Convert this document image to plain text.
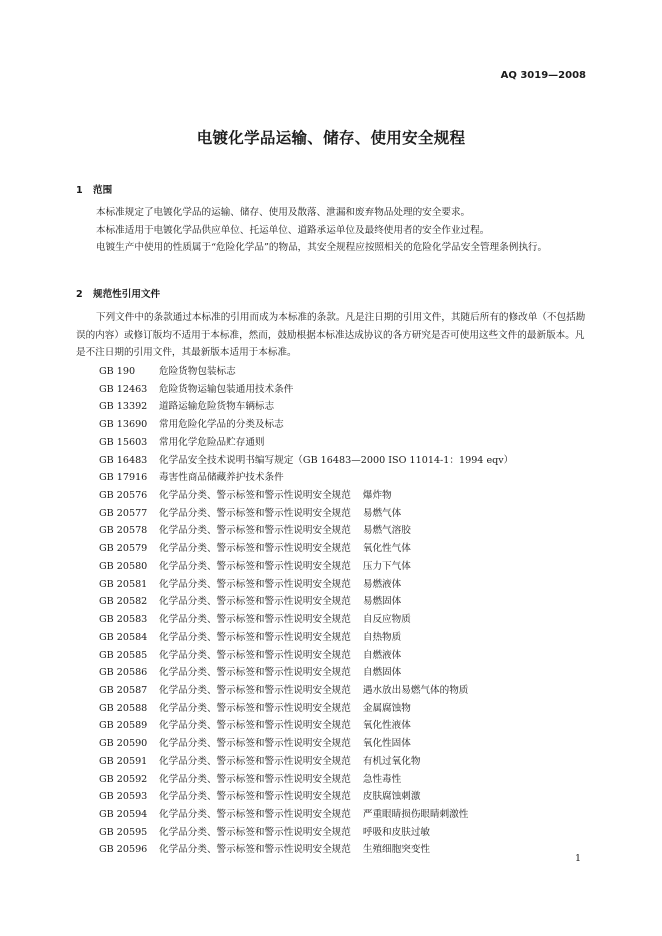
AQ 3019—2008
电镀化学品运输、储存、使用安全规程
1 范围

本标准规定了电镀化学品的运输、储存、使用及散落、泄漏和废弃物品处理的安全要求。

本标准适用于电镀化学品供应单位、托运单位、道路承运单位及最终使用者的安全作业过程。

电镀生产中使用的性质属于“危险化学品”的物品，其安全规程应按照相关的危险化学品安全管理条例执行。

2 规范性引用文件

下列文件中的条款通过本标准的引用而成为本标准的条款。凡是注日期的引用文件，其随后所有的修改单（不包括勘误的内容）或修订版均不适用于本标准，然而，鼓励根据本标准达成协议的各方研究是否可使用这些文件的最新版本。凡是不注日期的引用文件，其最新版本适用于本标准。

GB 190 危险货物包装标志
GB 12463 危险货物运输包装通用技术条件
GB 13392 道路运输危险货物车辆标志
GB 13690 常用危险化学品的分类及标志
GB 15603 常用化学危险品贮存通则
GB 16483 化学品安全技术说明书编写规定（GB 16483—2000 ISO 11014-1：1994 eqv）
GB 17916 毒害性商品储藏养护技术条件
GB 20576 化学品分类、警示标签和警示性说明安全规范 爆炸物
GB 20577 化学品分类、警示标签和警示性说明安全规范 易燃气体
GB 20578 化学品分类、警示标签和警示性说明安全规范 易燃气溶胶
GB 20579 化学品分类、警示标签和警示性说明安全规范 氧化性气体
GB 20580 化学品分类、警示标签和警示性说明安全规范 压力下气体
GB 20581 化学品分类、警示标签和警示性说明安全规范 易燃液体
GB 20582 化学品分类、警示标签和警示性说明安全规范 易燃固体
GB 20583 化学品分类、警示标签和警示性说明安全规范 自反应物质
GB 20584 化学品分类、警示标签和警示性说明安全规范 自热物质
GB 20585 化学品分类、警示标签和警示性说明安全规范 自燃液体
GB 20586 化学品分类、警示标签和警示性说明安全规范 自燃固体
GB 20587 化学品分类、警示标签和警示性说明安全规范 遇水放出易燃气体的物质
GB 20588 化学品分类、警示标签和警示性说明安全规范 金属腐蚀物
GB 20589 化学品分类、警示标签和警示性说明安全规范 氧化性液体
GB 20590 化学品分类、警示标签和警示性说明安全规范 氧化性固体
GB 20591 化学品分类、警示标签和警示性说明安全规范 有机过氧化物
GB 20592 化学品分类、警示标签和警示性说明安全规范 急性毒性
GB 20593 化学品分类、警示标签和警示性说明安全规范 皮肤腐蚀刺激
GB 20594 化学品分类、警示标签和警示性说明安全规范 严重眼睛损伤眼睛刺激性
GB 20595 化学品分类、警示标签和警示性说明安全规范 呼吸和皮肤过敏
GB 20596 化学品分类、警示标签和警示性说明安全规范 生殖细胞突变性
1
